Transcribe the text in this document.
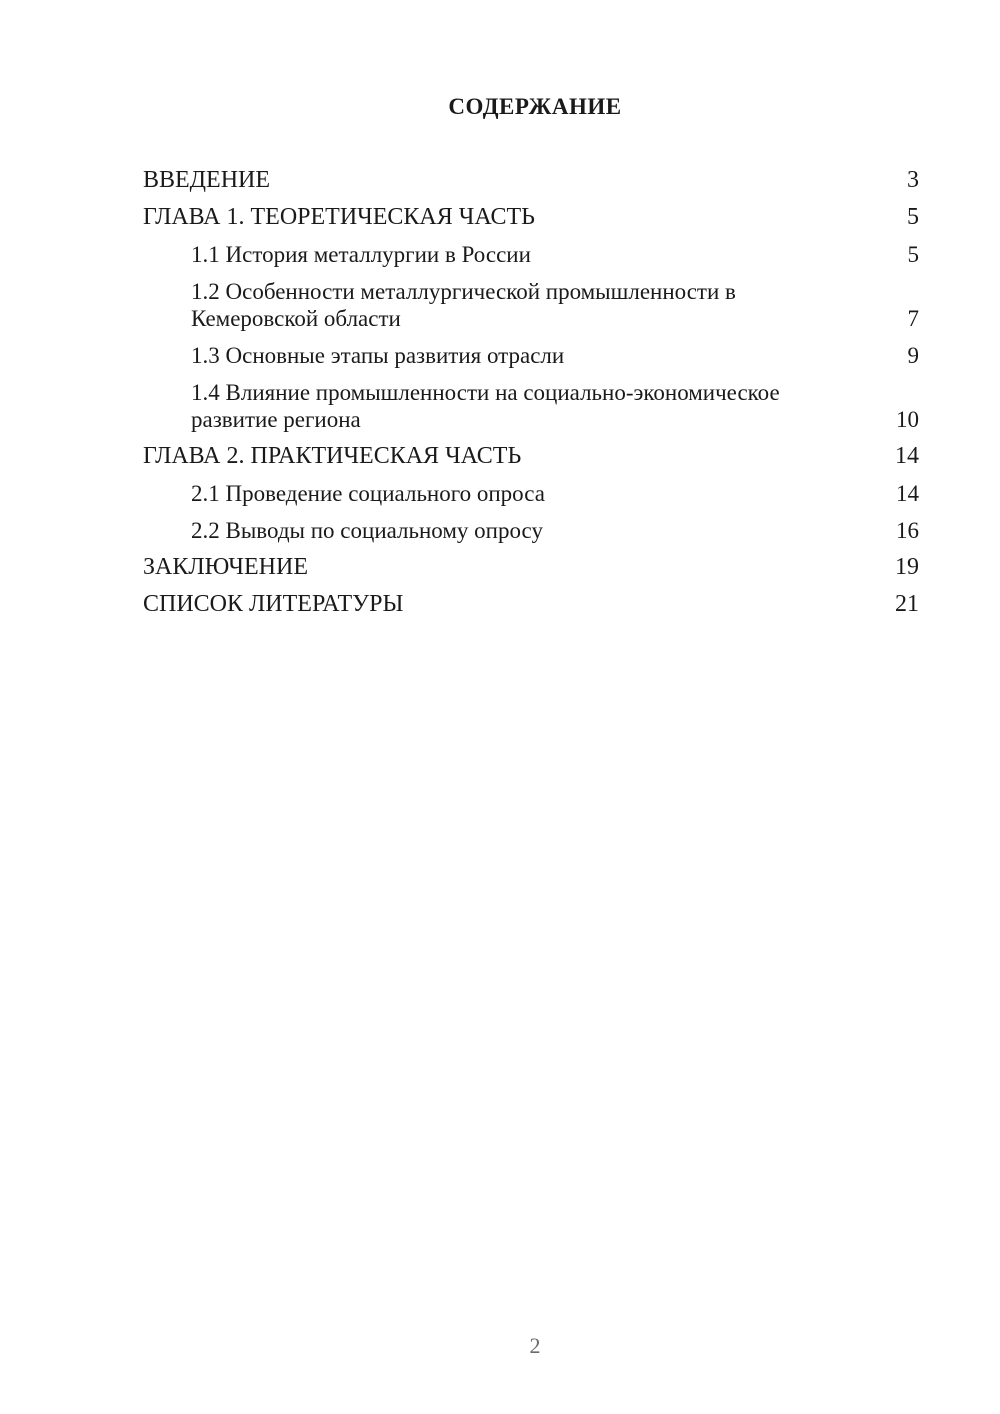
СОДЕРЖАНИЕ
ВВЕДЕНИЕ	3
ГЛАВА 1. ТЕОРЕТИЧЕСКАЯ ЧАСТЬ	5
1.1 История металлургии в России	5
1.2 Особенности металлургической промышленности в Кемеровской области	7
1.3 Основные этапы развития отрасли	9
1.4 Влияние промышленности на социально-экономическое развитие региона	10
ГЛАВА 2. ПРАКТИЧЕСКАЯ ЧАСТЬ	14
2.1 Проведение социального опроса	14
2.2 Выводы по социальному опросу	16
ЗАКЛЮЧЕНИЕ	19
СПИСОК ЛИТЕРАТУРЫ	21
2
